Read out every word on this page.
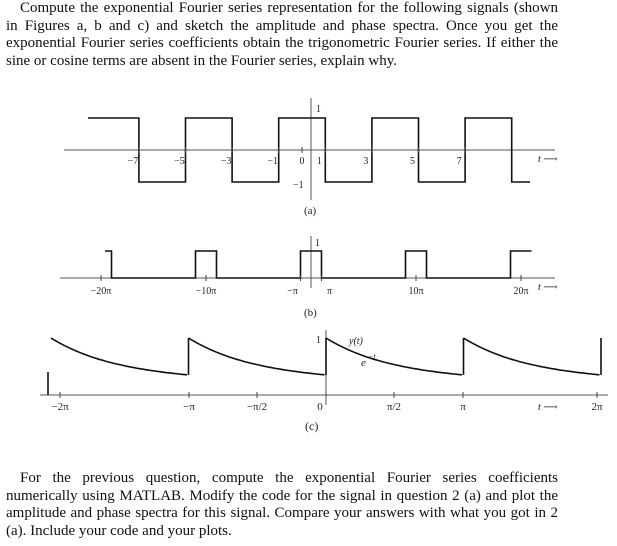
Compute the exponential Fourier series representation for the following signals (shown in Figures a, b and c) and sketch the amplitude and phase spectra. Once you get the exponential Fourier series coefficients obtain the trigonometric Fourier series. If either the sine or cosine terms are absent in the Fourier series, explain why.

−7	−5	−3	−1 0 1	3	5	7
1
−1
t ⟶
(a)
−20π	−10π	−π	π	10π	20π
1
t ⟶
(b)
−2π	−π	−π/2	0	π/2	π	2π
1	y(t)
e
−t
t ⟶
(c)

For the previous question, compute the exponential Fourier series coefficients numerically using MATLAB. Modify the code for the signal in question 2 (a) and plot the amplitude and phase spectra for this signal. Compare your answers with what you got in 2 (a). Include your code and your plots.
